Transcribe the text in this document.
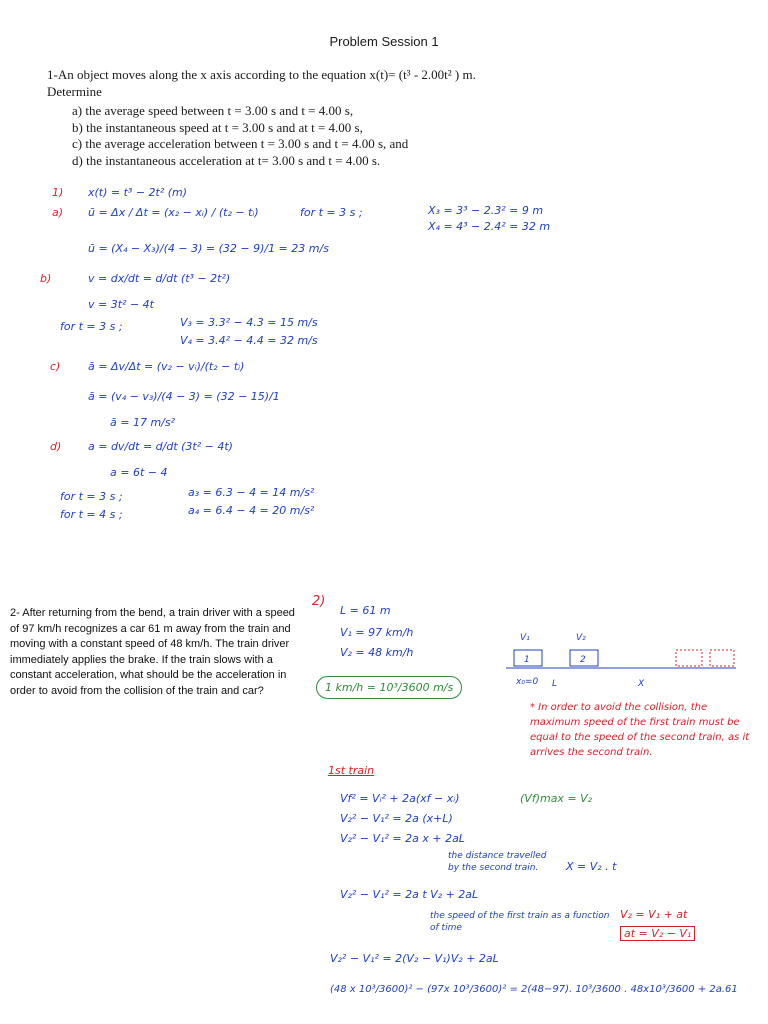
Problem Session 1
1-An object moves along the x axis according to the equation x(t)= (t³ - 2.00t² ) m.
Determine
a) the average speed between t = 3.00 s and t = 4.00 s,
b) the instantaneous speed at t = 3.00 s and at t = 4.00 s,
c) the average acceleration between t = 3.00 s and t = 4.00 s, and
d) the instantaneous acceleration at t= 3.00 s and t = 4.00 s.
1) x(t) = t³ − 2t² (m)
a) ū = Δx / Δt = (x₂ − xᵢ) / (t₂ − tᵢ)	for t = 3 s ;	X₃ = 3³ − 2.3² = 9 m
X₄ = 4³ − 2.4² = 32 m
ū = (X₄ − X₃)/(4 − 3) = (32 − 9)/1 = 23 m/s
b)	v = dx/dt = d/dt (t³ − 2t²)
v = 3t² − 4t
for t = 3 s ;	V₃ = 3.3² − 4.3 = 15 m/s
V₄ = 3.4² − 4.4 = 32 m/s
c)	ā = Δv/Δt = (v₂ − vᵢ)/(t₂ − tᵢ)
ā = (v₄ − v₃)/(4 − 3) = (32 − 15)/1
ā = 17 m/s²
d) a = dv/dt = d/dt (3t² − 4t)
a = 6t − 4
for t = 3 s ;	a₃ = 6.3 − 4 = 14 m/s²
for t = 4 s ;	a₄ = 6.4 − 4 = 20 m/s²
2- After returning from the bend, a train driver with a speed of 97 km/h recognizes a car 61 m away from the train and moving with a constant speed of 48 km/h. The train driver immediately applies the brake. If the train slows with a constant acceleration, what should be the acceleration in order to avoid from the collision of the train and car?
2)
L = 61 m
V₁ = 97 km/h
V₂ = 48 km/h
1 km/h = 10³/3600 m/s
1	2
V₁	V₂
x₀=0 L	X
* In order to avoid the collision, the maximum speed of the first train must be equal to the speed of the second train, as it arrives the second train.
1st train
Vf² = Vᵢ² + 2a(xf − xᵢ)	(Vf)max = V₂
V₂² − V₁² = 2a (x+L)
V₂² − V₁² = 2a x + 2aL
the distance travelled by the second train.	X = V₂ . t
V₂² − V₁² = 2a t V₂ + 2aL
the speed of the first train as a function of time
V₂ = V₁ + at
at = V₂ − V₁
V₂² − V₁² = 2(V₂ − V₁)V₂ + 2aL
(48 x 10³/3600)² − (97x 10³/3600)² = 2(48−97). 10³/3600 . 48x10³/3600 + 2a.61
